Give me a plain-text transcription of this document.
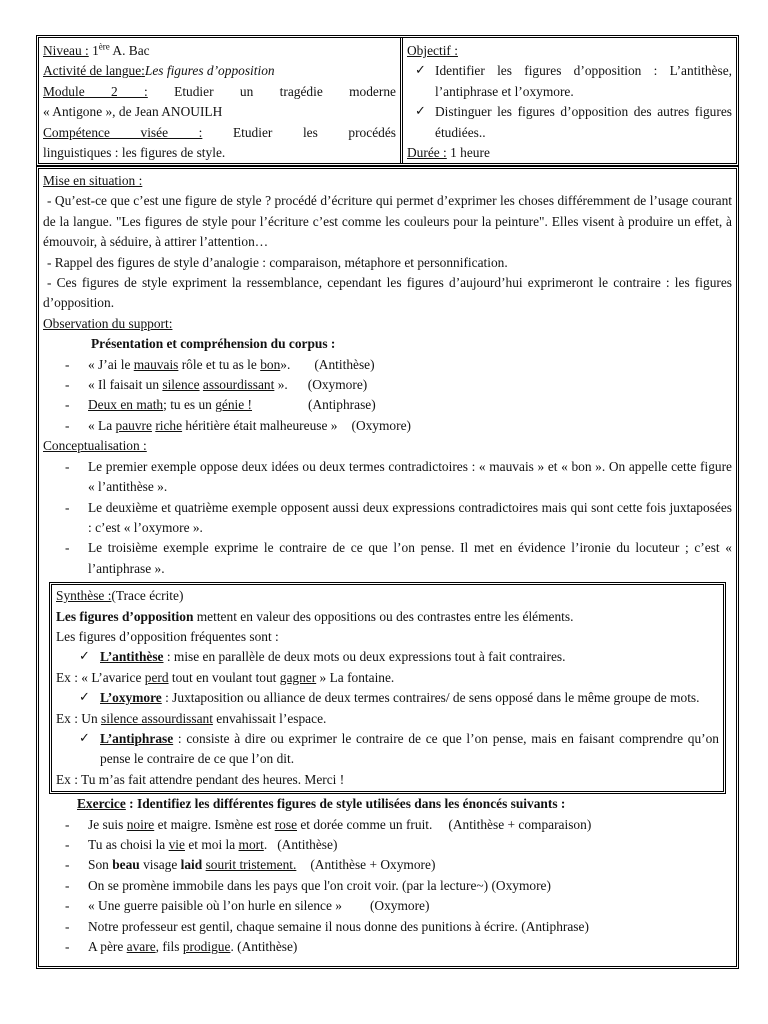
Niveau : 1ère A. Bac
Activité de langue:Les figures d’opposition
Module 2 : Etudier un tragédie moderne
« Antigone », de Jean ANOUILH
Compétence visée : Etudier les procédés
linguistiques : les figures de style.
Objectif :
✓ Identifier les figures d’opposition : L’antithèse, l’antiphrase et l’oxymore.
✓ Distinguer les figures d’opposition des autres figures étudiées..
Durée : 1 heure
Mise en situation :
- Qu’est-ce que c’est une figure de style ? procédé d’écriture qui permet d’exprimer les choses différemment de l’usage courant de la langue. "Les figures de style pour l’écriture c’est comme les couleurs pour la peinture". Elles visent à produire un effet, à émouvoir, à séduire, à attirer l’attention…
- Rappel des figures de style d’analogie : comparaison, métaphore et personnification.
- Ces figures de style expriment la ressemblance, cependant les figures d’aujourd’hui exprimeront le contraire : les figures d’opposition.
Observation du support:
Présentation et compréhension du corpus :
- « J’ai le mauvais rôle et tu as le bon». (Antithèse)
- « Il faisait un silence assourdissant ». (Oxymore)
- Deux en math; tu es un génie !	(Antiphrase)
- « La pauvre riche héritière était malheureuse » (Oxymore)
Conceptualisation :
- Le premier exemple oppose deux idées ou deux termes contradictoires : « mauvais » et « bon ». On appelle cette figure « l’antithèse ».
- Le deuxième et quatrième exemple opposent aussi deux expressions contradictoires mais qui sont cette fois juxtaposées : c’est « l’oxymore ».
- Le troisième exemple exprime le contraire de ce que l’on pense. Il met en évidence l’ironie du locuteur ; c’est « l’antiphrase ».
Synthèse :(Trace écrite)
Les figures d’opposition mettent en valeur des oppositions ou des contrastes entre les éléments.
Les figures d’opposition fréquentes sont :
✓ L’antithèse : mise en parallèle de deux mots ou deux expressions tout à fait contraires.
Ex : « L’avarice perd tout en voulant tout gagner » La fontaine.
✓ L’oxymore : Juxtaposition ou alliance de deux termes contraires/ de sens opposé dans le même groupe de mots.
Ex : Un silence assourdissant envahissait l’espace.
✓ L’antiphrase : consiste à dire ou exprimer le contraire de ce que l’on pense, mais en faisant comprendre qu’on pense le contraire de ce que l’on dit.
Ex : Tu m’as fait attendre pendant des heures. Merci !
Exercice : Identifiez les différentes figures de style utilisées dans les énoncés suivants :
- Je suis noire et maigre. Ismène est rose et dorée comme un fruit. (Antithèse + comparaison)
- Tu as choisi la vie et moi la mort. (Antithèse)
- Son beau visage laid sourit tristement. (Antithèse + Oxymore)
- On se promène immobile dans les pays que l'on croit voir. (par la lecture~) (Oxymore)
- « Une guerre paisible où l’on hurle en silence » (Oxymore)
- Notre professeur est gentil, chaque semaine il nous donne des punitions à écrire. (Antiphrase)
- A père avare, fils prodigue. (Antithèse)
